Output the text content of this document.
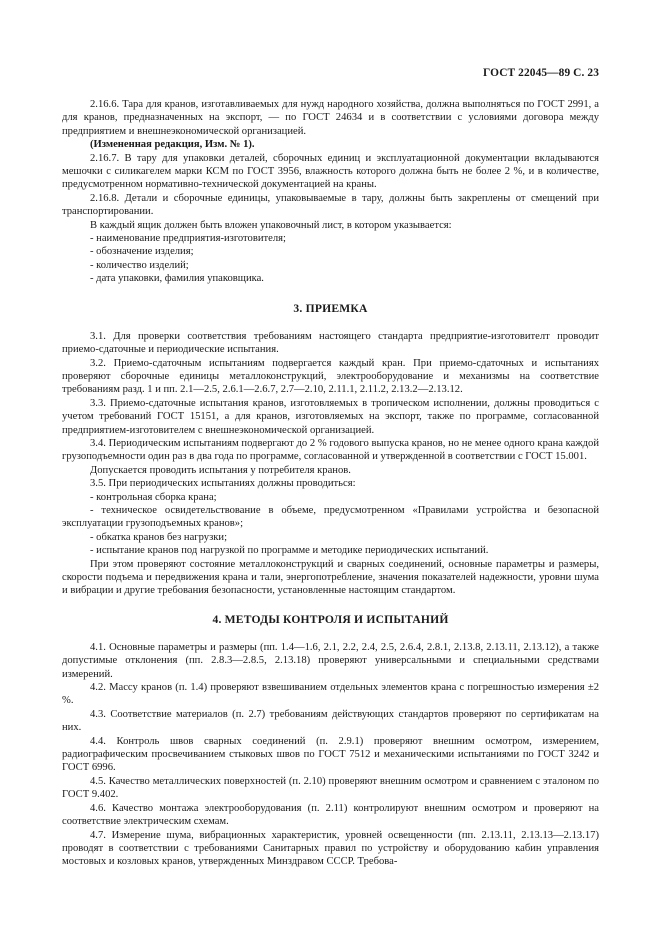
ГОСТ 22045—89 С. 23

2.16.6. Тара для кранов, изготавливаемых для нужд народного хозяйства, должна выполняться по ГОСТ 2991, а для кранов, предназначенных на экспорт, — по ГОСТ 24634 и в соответствии с условиями договора между предприятием и внешнеэкономической организацией.

(Измененная редакция, Изм. № 1).

2.16.7. В тару для упаковки деталей, сборочных единиц и эксплуатационной документации вкладываются мешочки с силикагелем марки КСМ по ГОСТ 3956, влажность которого должна быть не более 2 %, и в количестве, предусмотренном нормативно-технической документацией на краны.

2.16.8. Детали и сборочные единицы, упаковываемые в тару, должны быть закреплены от смещений при транспортировании.

В каждый ящик должен быть вложен упаковочный лист, в котором указывается:

- наименование предприятия-изготовителя;

- обозначение изделия;

- количество изделий;

- дата упаковки, фамилия упаковщика.

3. ПРИЕМКА

3.1. Для проверки соответствия требованиям настоящего стандарта предприятие-изготовителт проводит приемо-сдаточные и периодические испытания.

3.2. Приемо-сдаточным испытаниям подвергается каждый кран. При приемо-сдаточных и испытаниях проверяют сборочные единицы металлоконструкций, электрооборудование и механизмы на соответствие требованиям разд. 1 и пп. 2.1—2.5, 2.6.1—2.6.7, 2.7—2.10, 2.11.1, 2.11.2, 2.13.2—2.13.12.

3.3. Приемо-сдаточные испытания кранов, изготовляемых в тропическом исполнении, должны проводиться с учетом требований ГОСТ 15151, а для кранов, изготовляемых на экспорт, также по программе, согласованной предприятием-изготовителем с внешнеэкономической организацией.

3.4. Периодическим испытаниям подвергают до 2 % годового выпуска кранов, но не менее одного крана каждой грузоподъемности один раз в два года по программе, согласованной и утвержденной в соответствии с ГОСТ 15.001.

Допускается проводить испытания у потребителя кранов.

3.5. При периодических испытаниях должны проводиться:

- контрольная сборка крана;

- техническое освидетельствование в объеме, предусмотренном «Правилами устройства и безопасной эксплуатации грузоподъемных кранов»;

- обкатка кранов без нагрузки;

- испытание кранов под нагрузкой по программе и методике периодических испытаний.

При этом проверяют состояние металлоконструкций и сварных соединений, основные параметры и размеры, скорости подъема и передвижения крана и тали, энергопотребление, значения показателей надежности, уровни шума и вибрации и другие требования безопасности, установленные настоящим стандартом.

4. МЕТОДЫ КОНТРОЛЯ И ИСПЫТАНИЙ

4.1. Основные параметры и размеры (пп. 1.4—1.6, 2.1, 2.2, 2.4, 2.5, 2.6.4, 2.8.1, 2.13.8, 2.13.11, 2.13.12), а также допустимые отклонения (пп. 2.8.3—2.8.5, 2.13.18) проверяют универсальными и специальными средствами измерений.

4.2. Массу кранов (п. 1.4) проверяют взвешиванием отдельных элементов крана с погрешностью измерения ±2 %.

4.3. Соответствие материалов (п. 2.7) требованиям действующих стандартов проверяют по сертификатам на них.

4.4. Контроль швов сварных соединений (п. 2.9.1) проверяют внешним осмотром, измерением, радиографическим просвечиванием стыковых швов по ГОСТ 7512 и механическими испытаниями по ГОСТ 3242 и ГОСТ 6996.

4.5. Качество металлических поверхностей (п. 2.10) проверяют внешним осмотром и сравнением с эталоном по ГОСТ 9.402.

4.6. Качество монтажа электрооборудования (п. 2.11) контролируют внешним осмотром и проверяют на соответствие электрическим схемам.

4.7. Измерение шума, вибрационных характеристик, уровней освещенности (пп. 2.13.11, 2.13.13—2.13.17) проводят в соответствии с требованиями Санитарных правил по устройству и оборудованию кабин управления мостовых и козловых кранов, утвержденных Минздравом СССР. Требова-
